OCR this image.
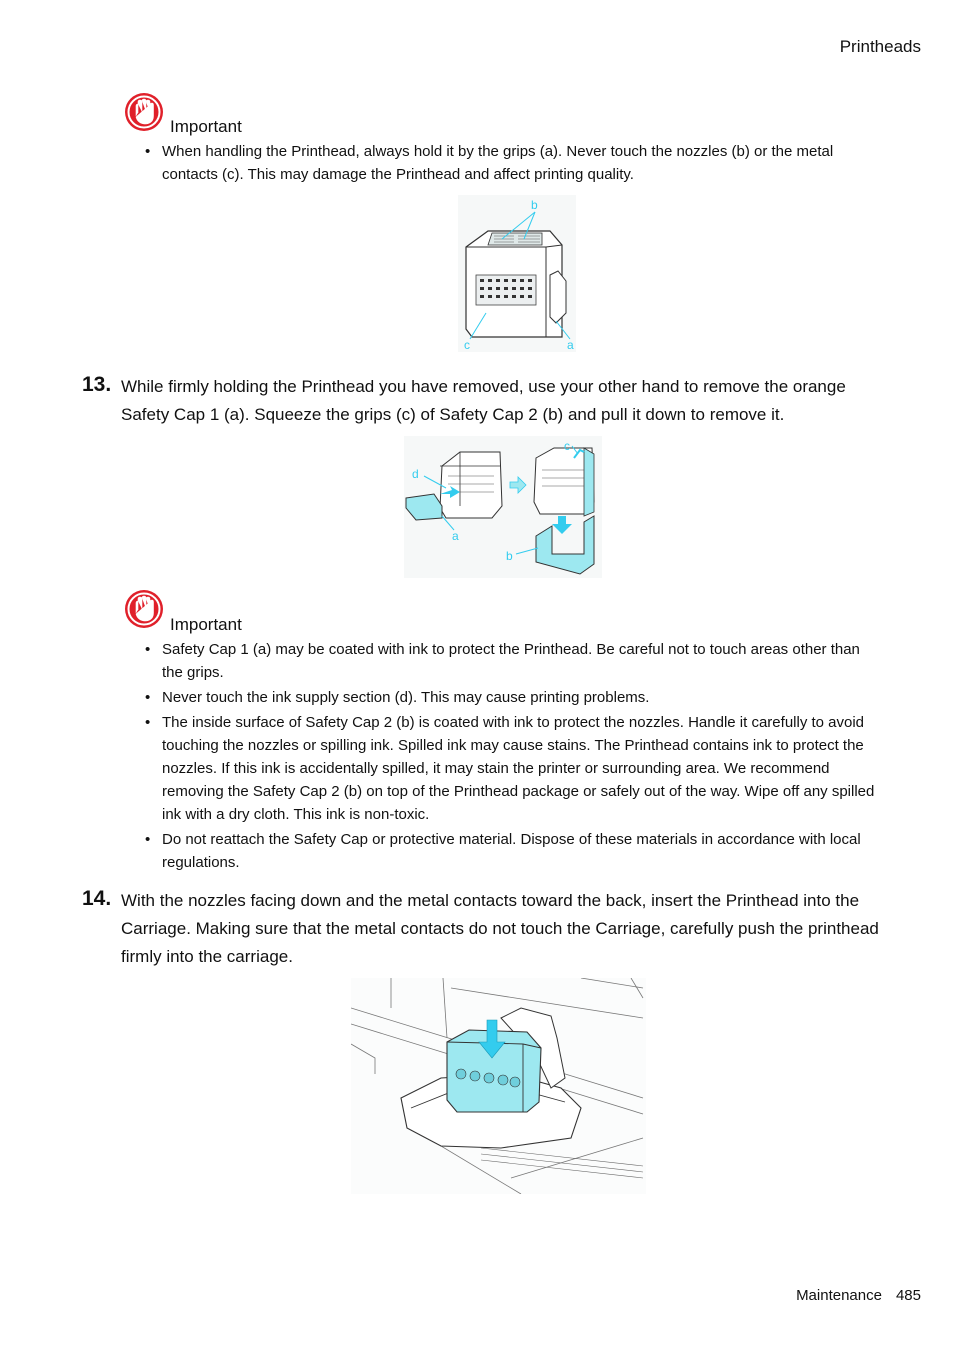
Printheads
Important
• When handling the Printhead, always hold it by the grips (a). Never touch the nozzles (b) or the metal contacts (c). This may damage the Printhead and affect printing quality.
b
c	a
13. While firmly holding the Printhead you have removed, use your other hand to remove the orange Safety Cap 1 (a). Squeeze the grips (c) of Safety Cap 2 (b) and pull it down to remove it.
d
a
c
b
Important
• Safety Cap 1 (a) may be coated with ink to protect the Printhead. Be careful not to touch areas other than the grips.
• Never touch the ink supply section (d). This may cause printing problems.
• The inside surface of Safety Cap 2 (b) is coated with ink to protect the nozzles. Handle it carefully to avoid touching the nozzles or spilling ink. Spilled ink may cause stains. The Printhead contains ink to protect the nozzles. If this ink is accidentally spilled, it may stain the printer or surrounding area. We recommend removing the Safety Cap 2 (b) on top of the Printhead package or safely out of the way. Wipe off any spilled ink with a dry cloth. This ink is non-toxic.
• Do not reattach the Safety Cap or protective material. Dispose of these materials in accordance with local regulations.
14. With the nozzles facing down and the metal contacts toward the back, insert the Printhead into the Carriage. Making sure that the metal contacts do not touch the Carriage, carefully push the printhead firmly into the carriage.
Maintenance 485
